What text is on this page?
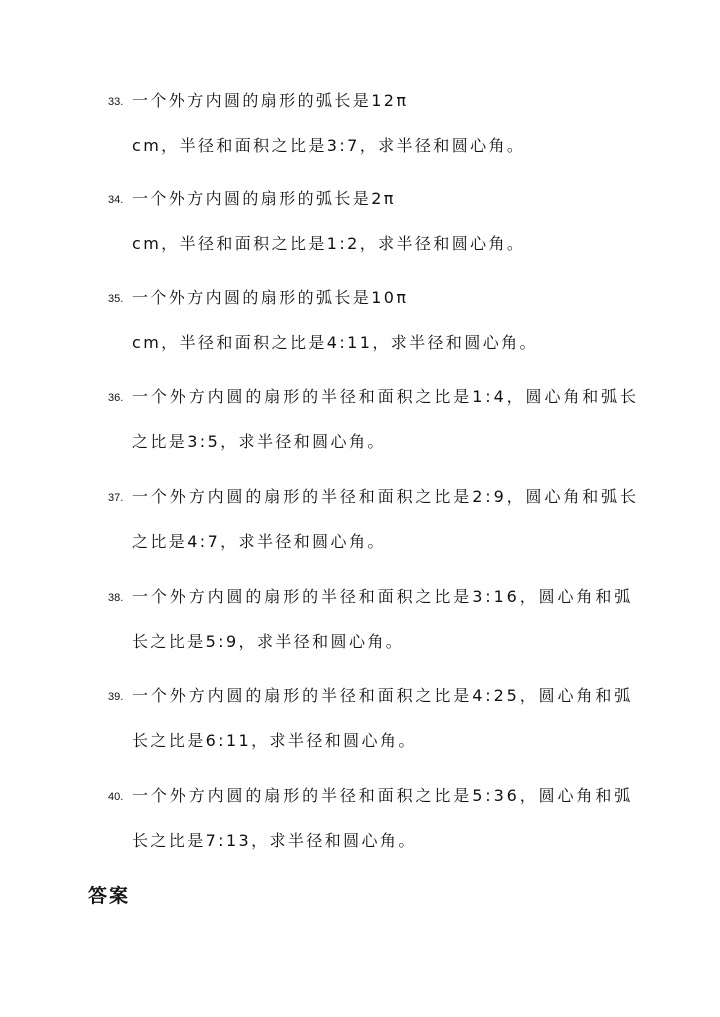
33. 一个外方内圆的扇形的弧长是12π
cm，半径和面积之比是3:7，求半径和圆心角。
34. 一个外方内圆的扇形的弧长是2π
cm，半径和面积之比是1:2，求半径和圆心角。
35. 一个外方内圆的扇形的弧长是10π
cm，半径和面积之比是4:11，求半径和圆心角。
36. 一个外方内圆的扇形的半径和面积之比是1:4，圆心角和弧长
之比是3:5，求半径和圆心角。
37. 一个外方内圆的扇形的半径和面积之比是2:9，圆心角和弧长
之比是4:7，求半径和圆心角。
38. 一个外方内圆的扇形的半径和面积之比是3:16，圆心角和弧
长之比是5:9，求半径和圆心角。
39. 一个外方内圆的扇形的半径和面积之比是4:25，圆心角和弧
长之比是6:11，求半径和圆心角。
40. 一个外方内圆的扇形的半径和面积之比是5:36，圆心角和弧
长之比是7:13，求半径和圆心角。
答案
